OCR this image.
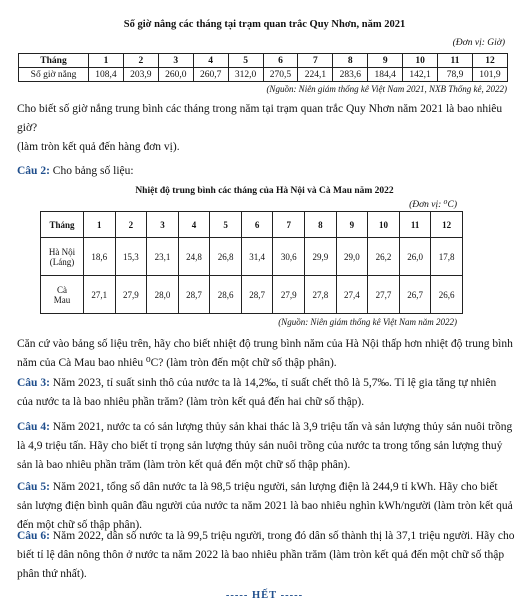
Số giờ nắng các tháng tại trạm quan trắc Quy Nhơn, năm 2021
(Đơn vị: Giờ)
Tháng	1	2	3	4	5	6	7	8	9	10	11	12
Số giờ nắng	108,4	203,9	260,0	260,7	312,0	270,5	224,1	283,6	184,4	142,1	78,9	101,9
(Nguồn: Niên giám thống kê Việt Nam 2021, NXB Thống kê, 2022)
Cho biết số giờ nắng trung bình các tháng trong năm tại trạm quan trắc Quy Nhơn năm 2021 là bao nhiêu giờ?
(làm tròn kết quả đến hàng đơn vị).
Câu 2: Cho bảng số liệu:
Nhiệt độ trung bình các tháng của Hà Nội và Cà Mau năm 2022
(Đơn vị: ⁰C)
Tháng	1	2	3	4	5	6	7	8	9	10	11	12
Hà Nội
(Láng)	18,6	15,3	23,1	24,8	26,8	31,4	30,6	29,9	29,0	26,2	26,0	17,8
Cà
Mau	27,1	27,9	28,0	28,7	28,6	28,7	27,9	27,8	27,4	27,7	26,7	26,6
(Nguồn: Niên giám thống kê Việt Nam năm 2022)
Căn cứ vào bảng số liệu trên, hãy cho biết nhiệt độ trung bình năm của Hà Nội thấp hơn nhiệt độ trung bình năm của Cà Mau bao nhiêu ⁰C? (làm tròn đến một chữ số thập phân).
Câu 3: Năm 2023, tỉ suất sinh thô của nước ta là 14,2‰, tỉ suất chết thô là 5,7‰. Tỉ lệ gia tăng tự nhiên của nước ta là bao nhiêu phần trăm? (làm tròn kết quả đến hai chữ số thập).
Câu 4: Năm 2021, nước ta có sản lượng thủy sản khai thác là 3,9 triệu tấn và sản lượng thủy sản nuôi trồng là 4,9 triệu tấn. Hãy cho biết tỉ trọng sản lượng thủy sản nuôi trồng của nước ta trong tổng sản lượng thuỷ sản là bao nhiêu phần trăm (làm tròn kết quả đến một chữ số thập phân).
Câu 5: Năm 2021, tổng số dân nước ta là 98,5 triệu người, sản lượng điện là 244,9 tỉ kWh. Hãy cho biết sản lượng điện bình quân đầu người của nước ta năm 2021 là bao nhiêu nghìn kWh/người (làm tròn kết quả đến một chữ số thập phân).
Câu 6: Năm 2022, dân số nước ta là 99,5 triệu người, trong đó dân số thành thị là 37,1 triệu người. Hãy cho biết tỉ lệ dân nông thôn ở nước ta năm 2022 là bao nhiêu phần trăm (làm tròn kết quả đến một chữ số thập phân thứ nhất).
----- HẾT -----
